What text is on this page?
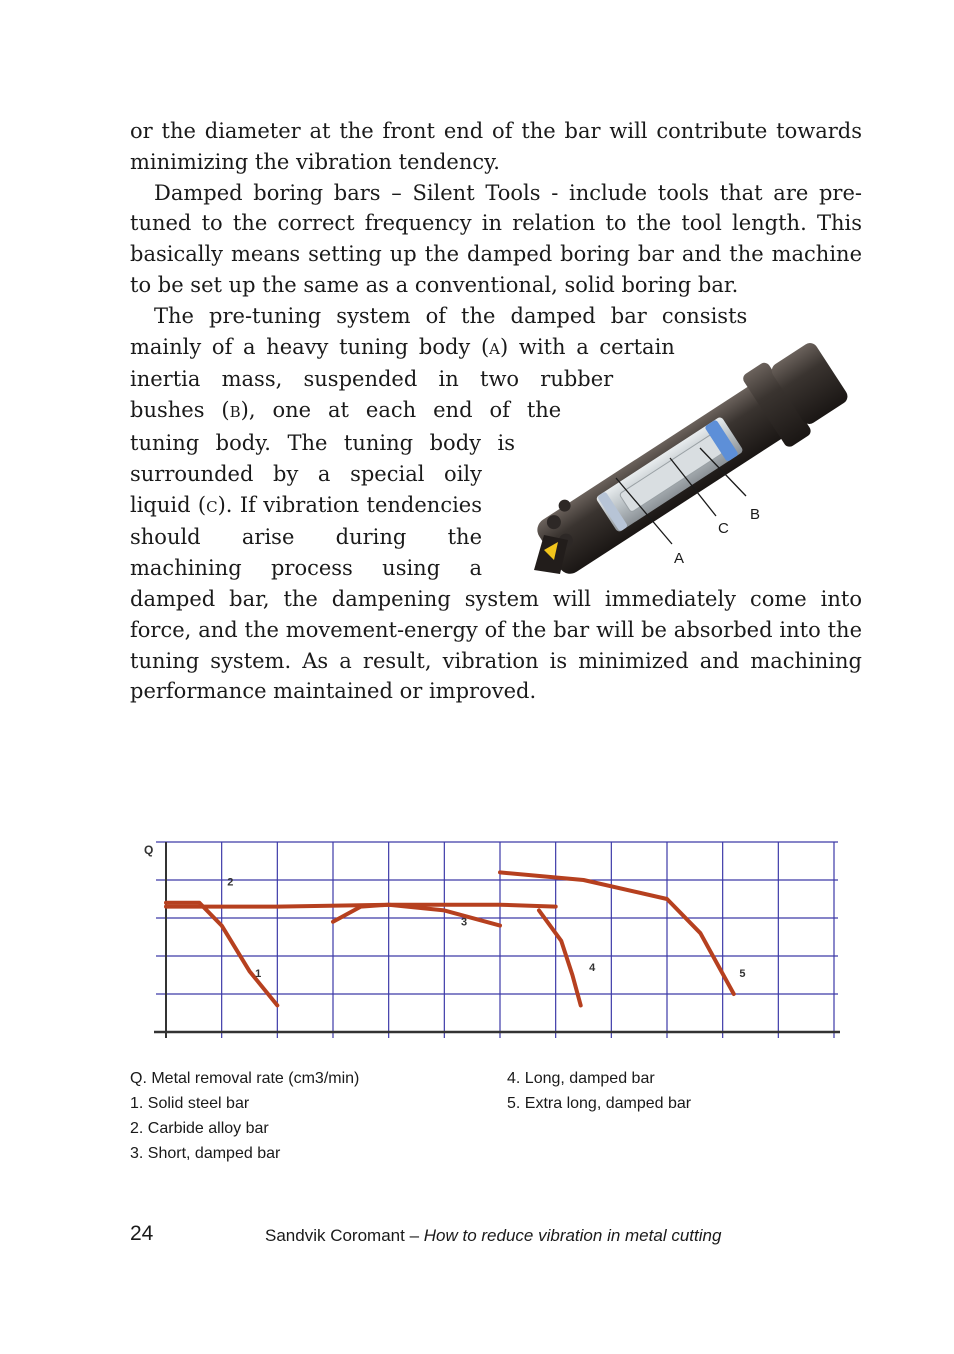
or the diameter at the front end of the bar will contribute towards minimizing the vibration tendency.

Damped boring bars – Silent Tools - include tools that are pre-tuned to the correct frequency in relation to the tool length. This basically means setting up the damped boring bar and the machine to be set up the same as a conventional, solid boring bar.

The pre-tuning system of the damped bar consists mainly of a heavy tuning body (A) with a certain inertia mass, suspended in two rubber bushes (B), one at each end of the tuning body. The tuning body is surrounded by a special oily liquid (C). If vibration tendencies should arise during the machining process using a damped bar, the dampening system will immediately come into force, and the movement-energy of the bar will be absorbed into the tuning system. As a result, vibration is minimized and machining performance maintained or improved.

A
C
B
Q
1
2
3
4	5
Q. Metal removal rate (cm3/min)
1. Solid steel bar
2. Carbide alloy bar
3. Short, damped bar
4. Long, damped bar
5. Extra long, damped bar
24	Sandvik Coromant – How to reduce vibration in metal cutting
